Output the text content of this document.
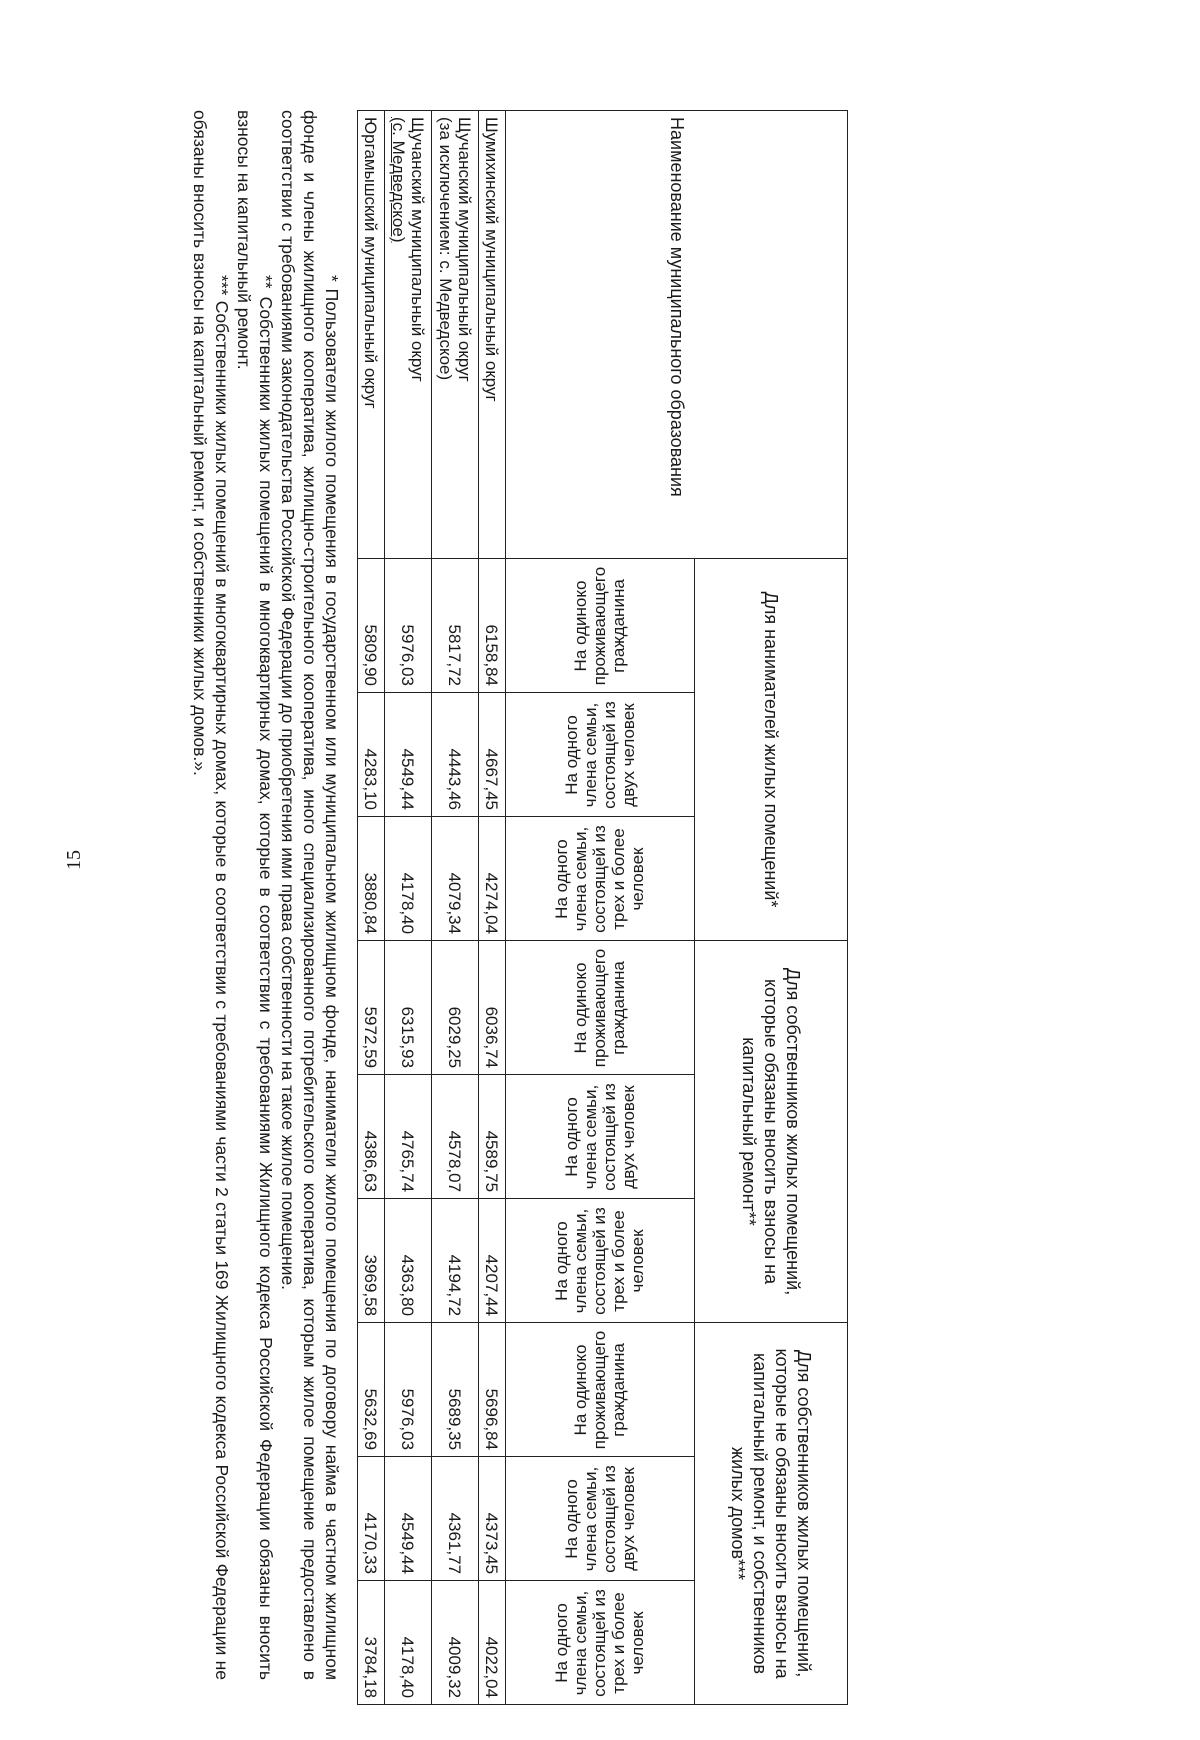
15
Наименование муниципального образования	Для нанимателей жилых помещений*			Для собственников жилых помещений, которые обязаны вносить взносы на капитальный ремонт**			Для собственников жилых помещений, которые не обязаны вносить взносы на капитальный ремонт, и собственников жилых домов***		
	На одиноко проживающего гражданина	На одного члена семьи, состоящей из двух человек	На одного члена семьи, состоящей из трех и более человек	На одиноко проживающего гражданина	На одного члена семьи, состоящей из двух человек	На одного члена семьи, состоящей из трех и более человек	На одиноко проживающего гражданина	На одного члена семьи, состоящей из двух человек	На одного члена семьи, состоящей из трех и более человек
Шумихинский муниципальный округ	6158,84	4667,45	4274,04	6036,74	4589,75	4207,44	5696,84	4373,45	4022,04
Щучанский муниципальный округ
(за исключением: с. Медведское)	5817,72	4443,46	4079,34	6029,25	4578,07	4194,72	5689,35	4361,77	4009,32
Щучанский муниципальный округ
(с. Медведское)	5976,03	4549,44	4178,40	6315,93	4765,74	4363,80	5976,03	4549,44	4178,40
Юргамышский муниципальный округ	5809,90	4283,10	3880,84	5972,59	4386,63	3969,58	5632,69	4170,33	3784,18

* Пользователи жилого помещения в государственном или муниципальном жилищном фонде, наниматели жилого помещения по договору найма в частном жилищном фонде и члены жилищного кооператива, жилищно-строительного кооператива, иного специализированного потребительского кооператива, которым жилое помещение предоставлено в соответствии с требованиями законодательства Российской Федерации до приобретения ими права собственности на такое жилое помещение.

** Собственники жилых помещений в многоквартирных домах, которые в соответствии с требованиями Жилищного кодекса Российской Федерации обязаны вносить взносы на капитальный ремонт.

*** Собственники жилых помещений в многоквартирных домах, которые в соответствии с требованиями части 2 статьи 169 Жилищного кодекса Российской Федерации не обязаны вносить взносы на капитальный ремонт, и собственники жилых домов.».
